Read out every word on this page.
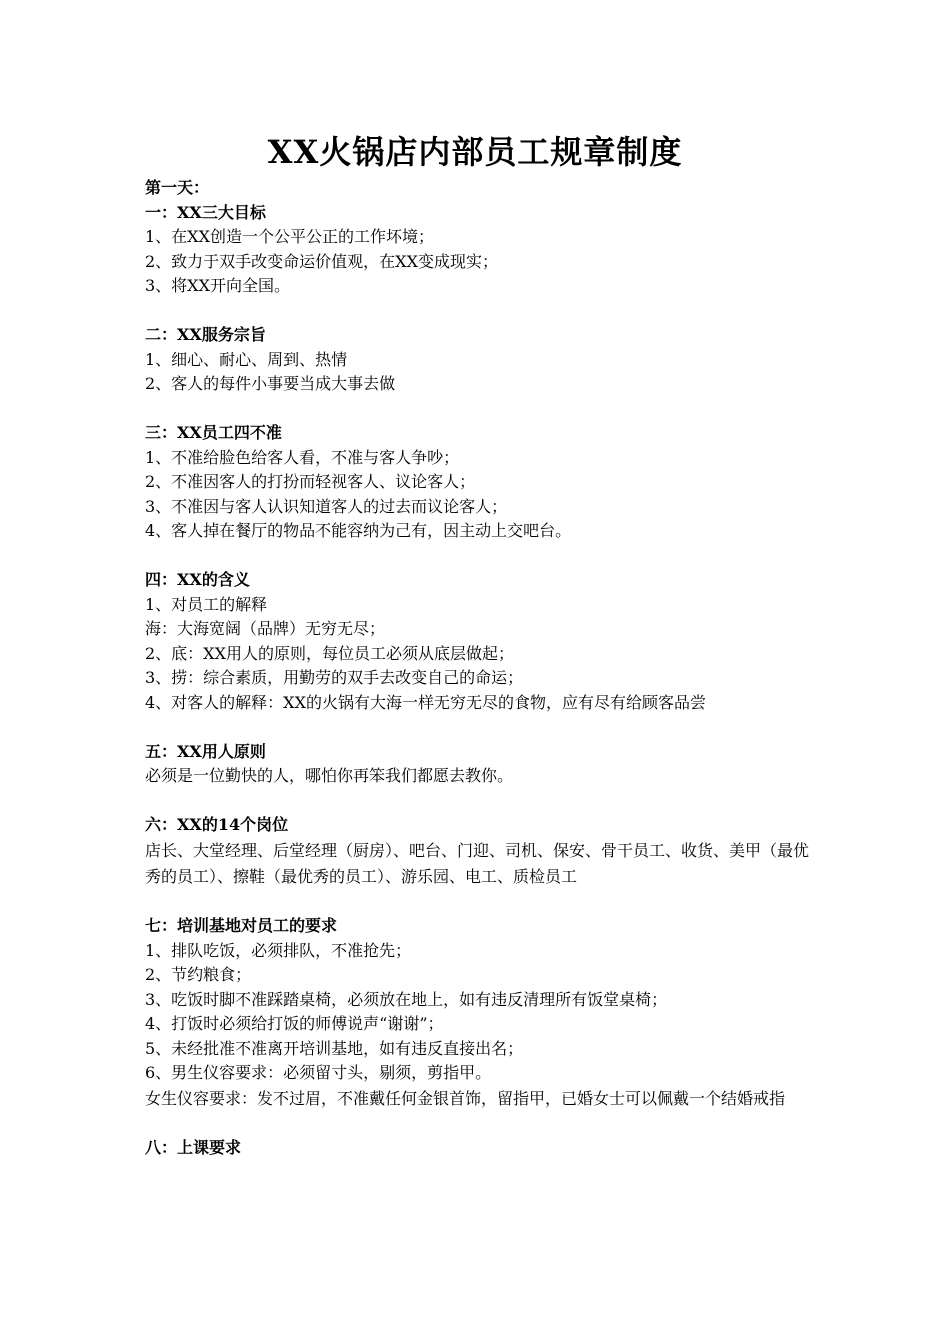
XX火锅店内部员工规章制度

第一天：

一：XX三大目标

1、在XX创造一个公平公正的工作坏境；

2、致力于双手改变命运价值观，在XX变成现实；

3、将XX开向全国。

二：XX服务宗旨

1、细心、耐心、周到、热情

2、客人的每件小事要当成大事去做

三：XX员工四不准

1、不准给脸色给客人看，不准与客人争吵；

2、不准因客人的打扮而轻视客人、议论客人；

3、不准因与客人认识知道客人的过去而议论客人；

4、客人掉在餐厅的物品不能容纳为己有，因主动上交吧台。

四：XX的含义

1、对员工的解释

海：大海宽阔（品牌）无穷无尽；

2、底：XX用人的原则，每位员工必须从底层做起；

3、捞：综合素质，用勤劳的双手去改变自己的命运；

4、对客人的解释：XX的火锅有大海一样无穷无尽的食物，应有尽有给顾客品尝

五：XX用人原则

必须是一位勤快的人，哪怕你再笨我们都愿去教你。

六：XX的14个岗位

店长、大堂经理、后堂经理（厨房）、吧台、门迎、司机、保安、骨干员工、收货、美甲（最优秀的员工）、擦鞋（最优秀的员工）、游乐园、电工、质检员工

七：培训基地对员工的要求

1、排队吃饭，必须排队，不准抢先；

2、节约粮食；

3、吃饭时脚不准踩踏桌椅，必须放在地上，如有违反清理所有饭堂桌椅；

4、打饭时必须给打饭的师傅说声“谢谢”；

5、未经批准不准离开培训基地，如有违反直接出名；

6、男生仪容要求：必须留寸头，剔须，剪指甲。

女生仪容要求：发不过眉，不准戴任何金银首饰，留指甲，已婚女士可以佩戴一个结婚戒指

八：上课要求
